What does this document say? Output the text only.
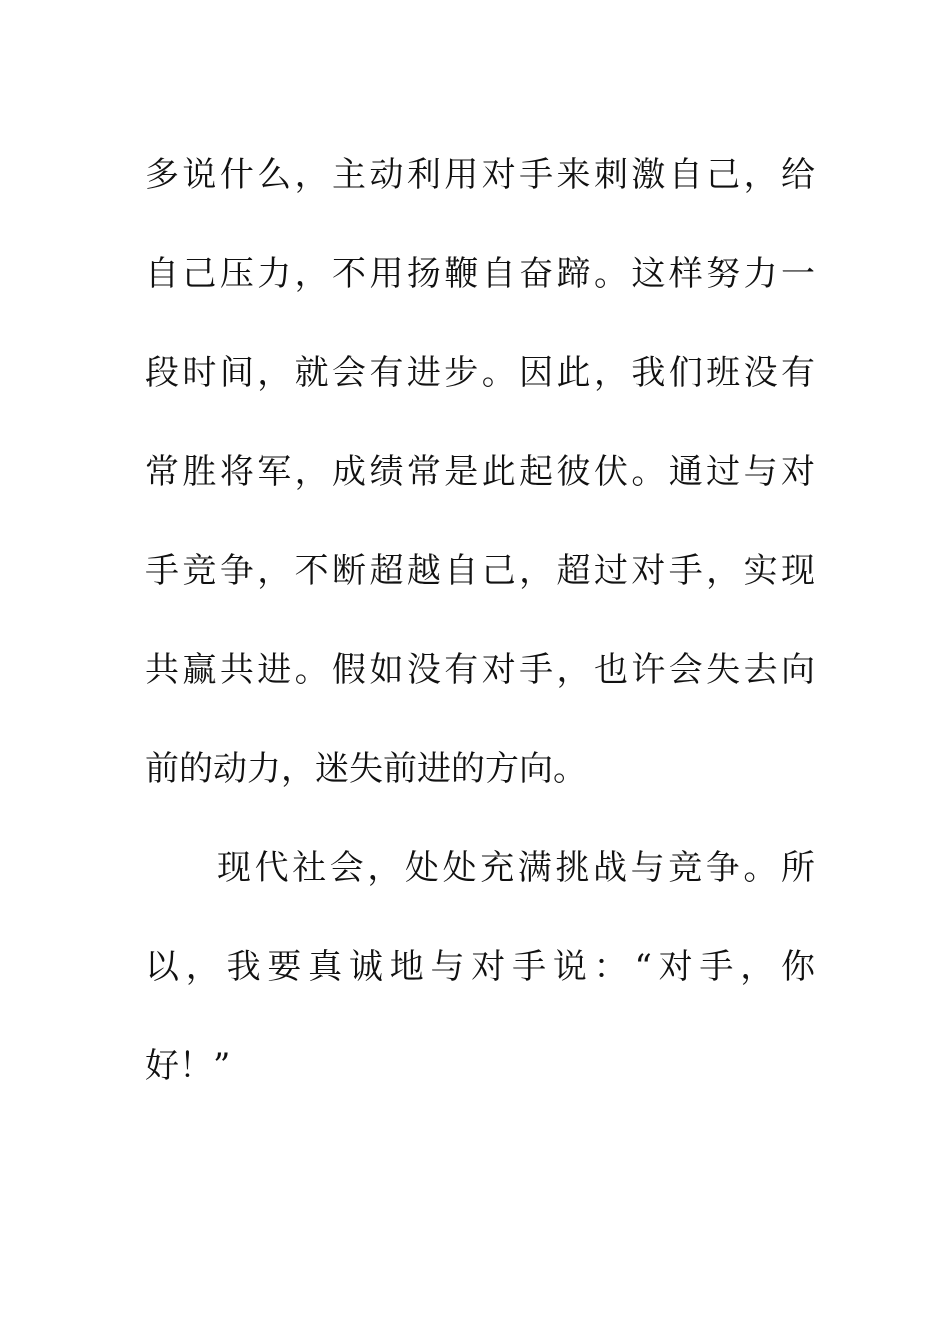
多说什么，主动利用对手来刺激自己，给
自己压力，不用扬鞭自奋蹄。这样努力一
段时间，就会有进步。因此，我们班没有
常胜将军，成绩常是此起彼伏。通过与对
手竞争，不断超越自己，超过对手，实现
共赢共进。假如没有对手，也许会失去向
前的动力，迷失前进的方向。
现代社会，处处充满挑战与竞争。所
以，我要真诚地与对手说：“对手，你
好！”
